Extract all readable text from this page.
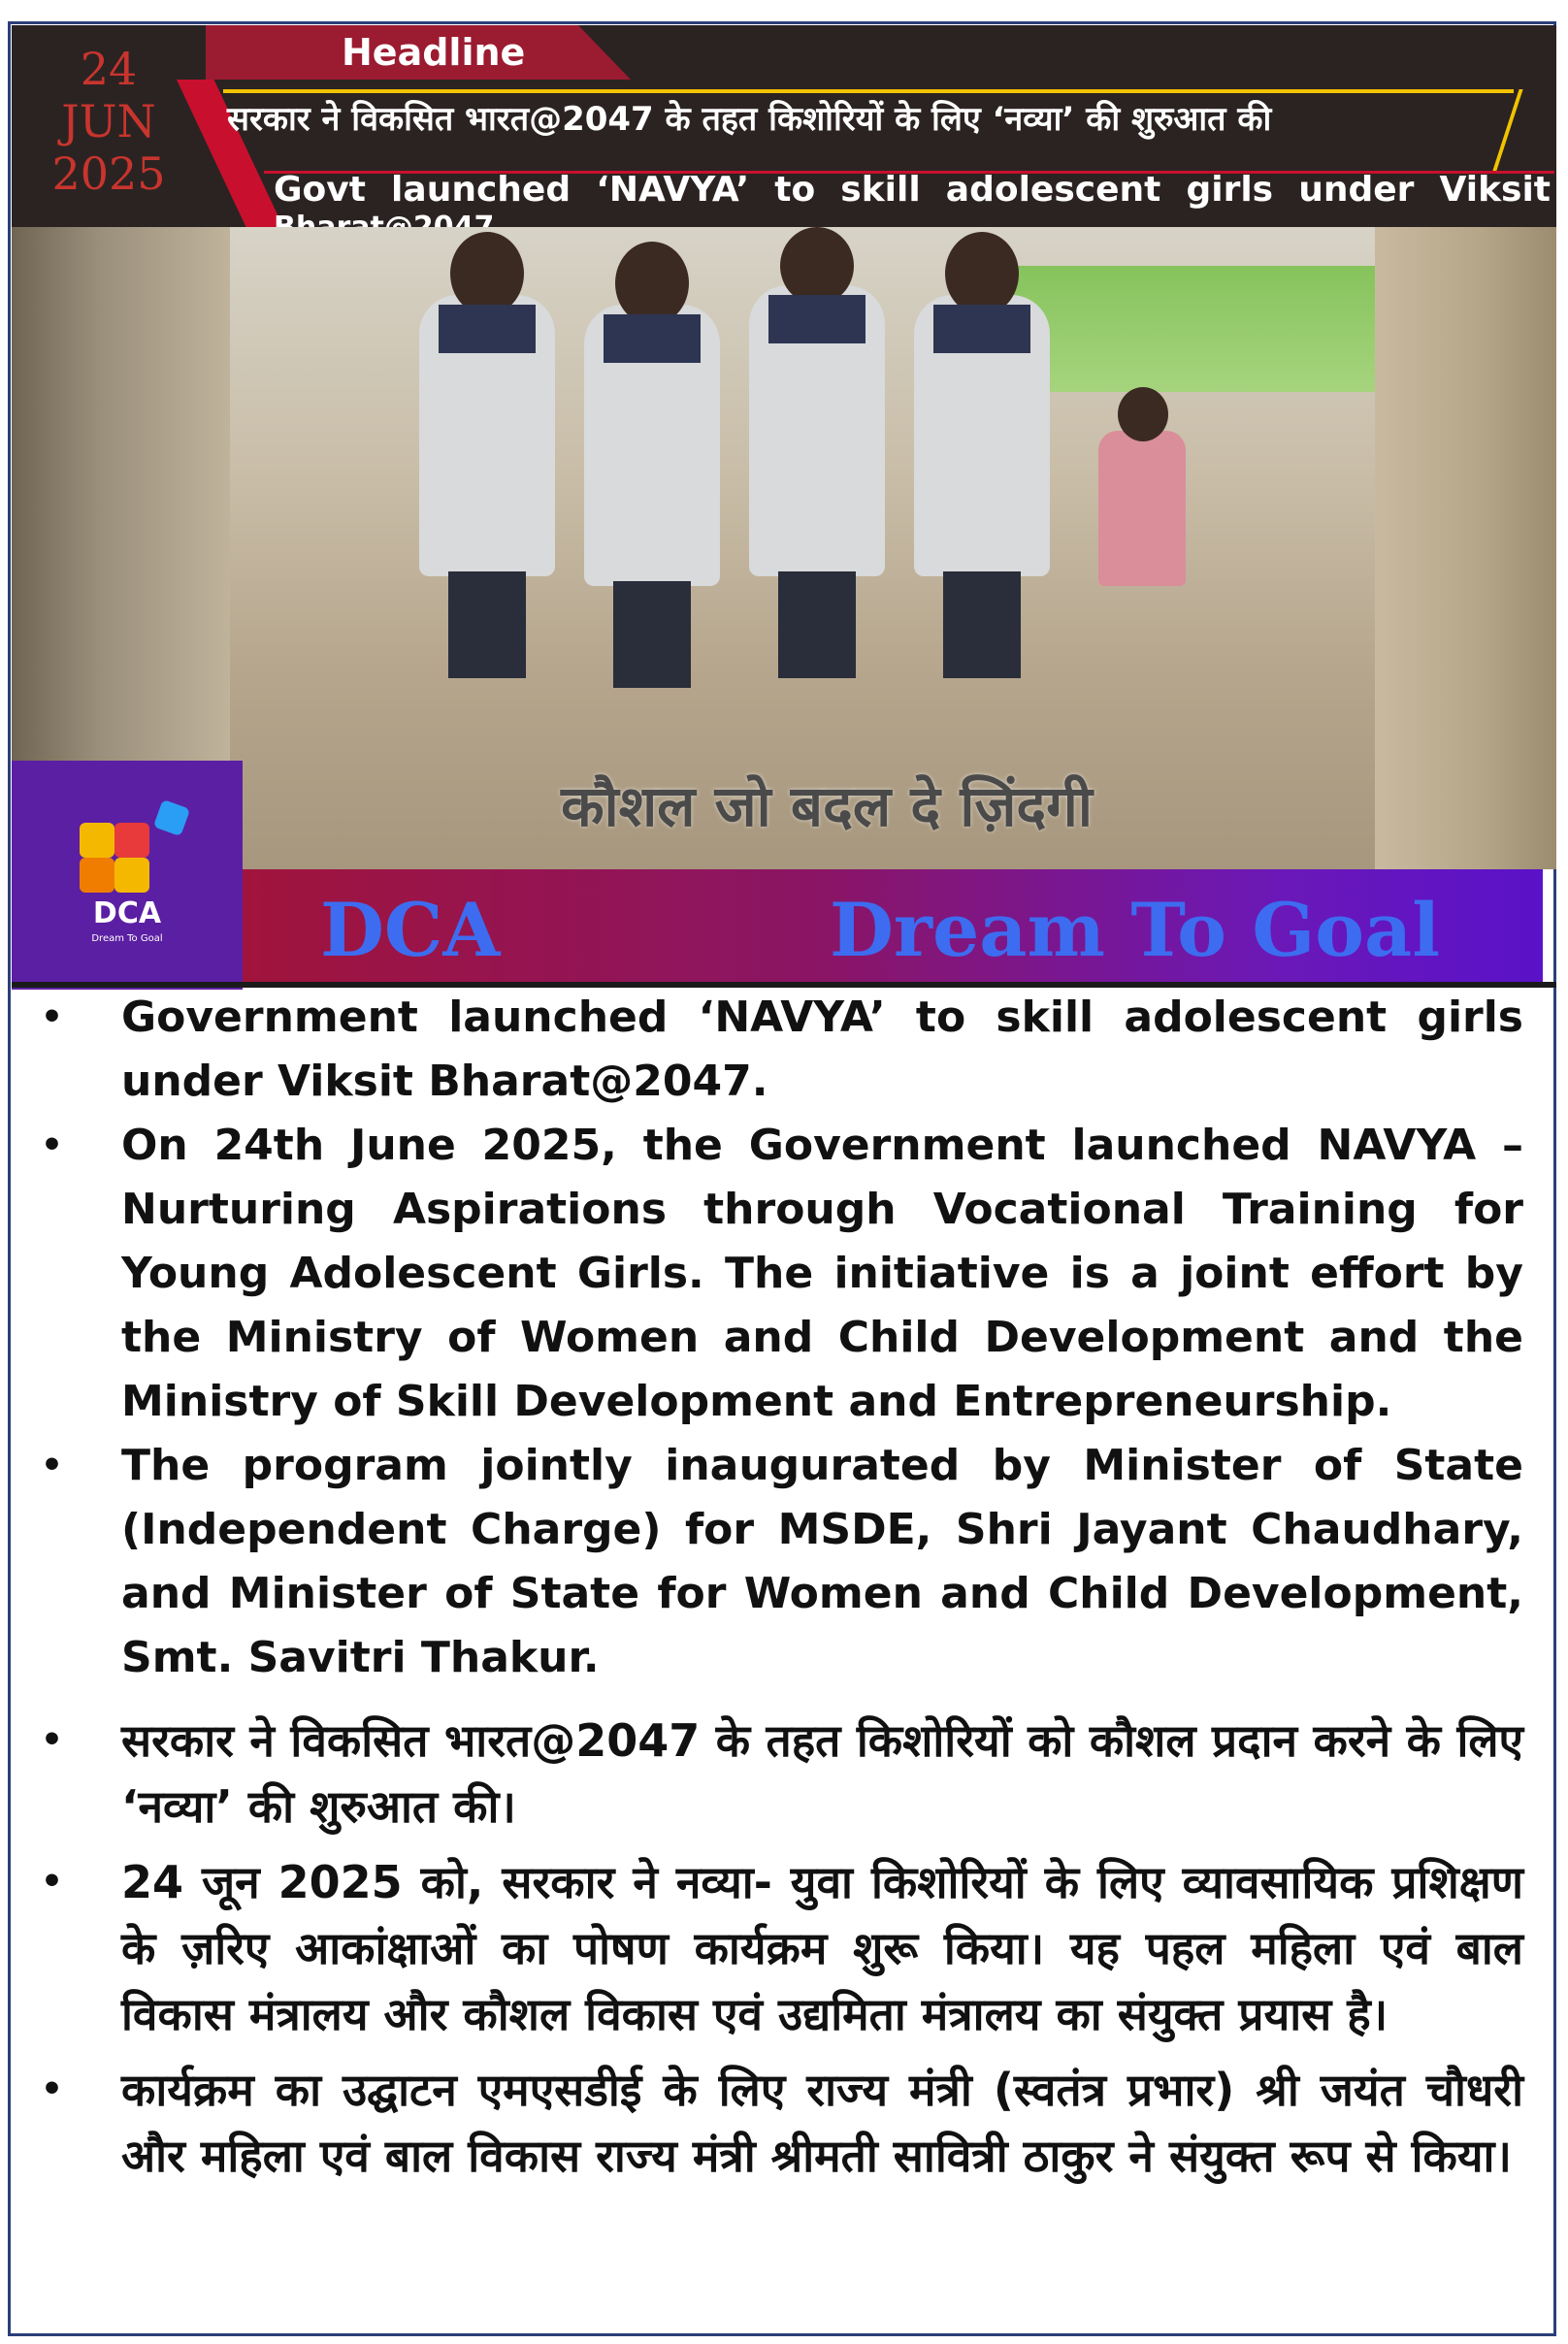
Headline
24
JUN
2025
सरकार ने विकसित भारत@2047 के तहत किशोरियों के लिए ‘नव्या’ की शुरुआत की
Govt launched ‘NAVYA’ to skill adolescent girls under Viksit
कौशल जो बदल दे ज़िंदगी
DCA
Dream To Goal	DCA	Dream To Goal
• Government launched ‘NAVYA’ to skill adolescent girls under Viksit Bharat@2047.
• On 24th June 2025, the Government launched NAVYA – Nurturing Aspirations through Vocational Training for Young Adolescent Girls. The initiative is a joint effort by the Ministry of Women and Child Development and the Ministry of Skill Development and Entrepreneurship.
• The program jointly inaugurated by Minister of State (Independent Charge) for MSDE, Shri Jayant Chaudhary, and Minister of State for Women and Child Development, Smt. Savitri Thakur.
• सरकार ने विकसित भारत@2047 के तहत किशोरियों को कौशल प्रदान करने के लिए ‘नव्या’ की शुरुआत की।
• 24 जून 2025 को, सरकार ने नव्या- युवा किशोरियों के लिए व्यावसायिक प्रशिक्षण के ज़रिए आकांक्षाओं का पोषण कार्यक्रम शुरू किया। यह पहल महिला एवं बाल विकास मंत्रालय और कौशल विकास एवं उद्यमिता मंत्रालय का संयुक्त प्रयास है।
• कार्यक्रम का उद्घाटन एमएसडीई के लिए राज्य मंत्री (स्वतंत्र प्रभार) श्री जयंत चौधरी और महिला एवं बाल विकास राज्य मंत्री श्रीमती सावित्री ठाकुर ने संयुक्त रूप से किया।
